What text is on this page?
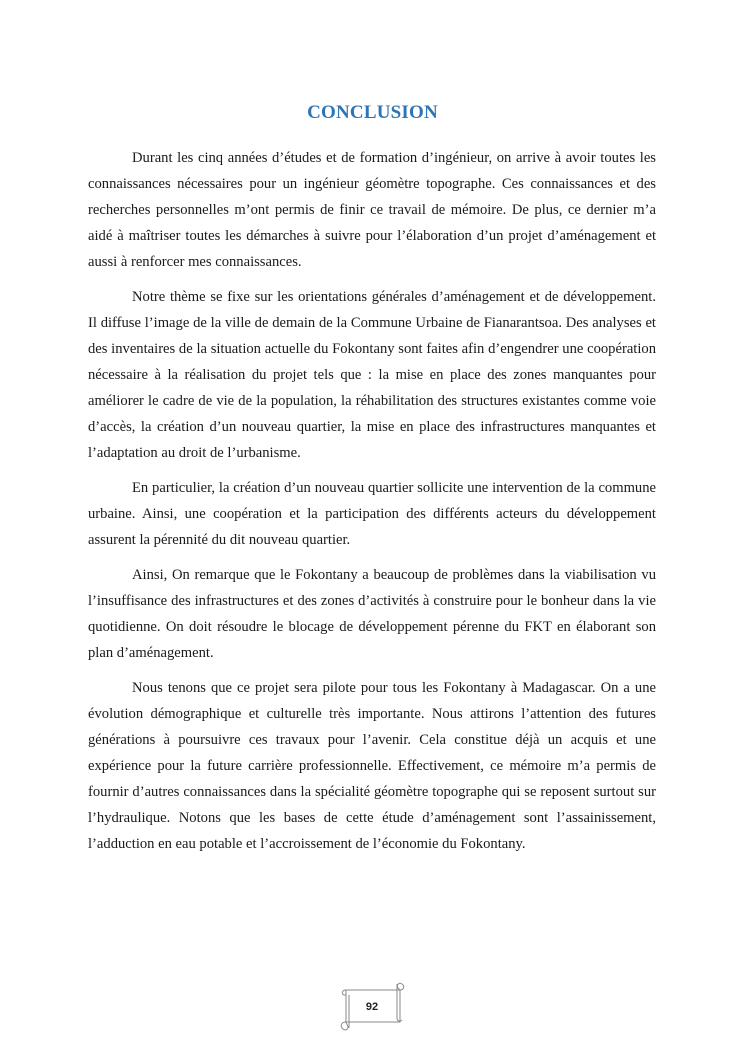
CONCLUSION

Durant les cinq années d’études et de formation d’ingénieur, on arrive à avoir toutes les connaissances nécessaires pour un ingénieur géomètre topographe. Ces connaissances et des recherches personnelles m’ont permis de finir ce travail de mémoire. De plus, ce dernier m’a aidé à maîtriser toutes les démarches à suivre pour l’élaboration d’un projet d’aménagement et aussi à renforcer mes connaissances.

Notre thème se fixe sur les orientations générales d’aménagement et de développement. Il diffuse l’image de la ville de demain de la Commune Urbaine de Fianarantsoa. Des analyses et des inventaires de la situation actuelle du Fokontany sont faites afin d’engendrer une coopération nécessaire à la réalisation du projet tels que : la mise en place des zones manquantes pour améliorer le cadre de vie de la population, la réhabilitation des structures existantes comme voie d’accès, la création d’un nouveau quartier, la mise en place des infrastructures manquantes et l’adaptation au droit de l’urbanisme.

En particulier, la création d’un nouveau quartier sollicite une intervention de la commune urbaine. Ainsi, une coopération et la participation des différents acteurs du développement assurent la pérennité du dit nouveau quartier.

Ainsi, On remarque que le Fokontany a beaucoup de problèmes dans la viabilisation vu l’insuffisance des infrastructures et des zones d’activités à construire pour le bonheur dans la vie quotidienne. On doit résoudre le blocage de développement pérenne du FKT en élaborant son plan d’aménagement.

Nous tenons que ce projet sera pilote pour tous les Fokontany à Madagascar. On a une évolution démographique et culturelle très importante. Nous attirons l’attention des futures générations à poursuivre ces travaux pour l’avenir. Cela constitue déjà un acquis et une expérience pour la future carrière professionnelle. Effectivement, ce mémoire m’a permis de fournir d’autres connaissances dans la spécialité géomètre topographe qui se reposent surtout sur l’hydraulique. Notons que les bases de cette étude d’aménagement sont l’assainissement, l’adduction en eau potable et l’accroissement de l’économie du Fokontany.

92
